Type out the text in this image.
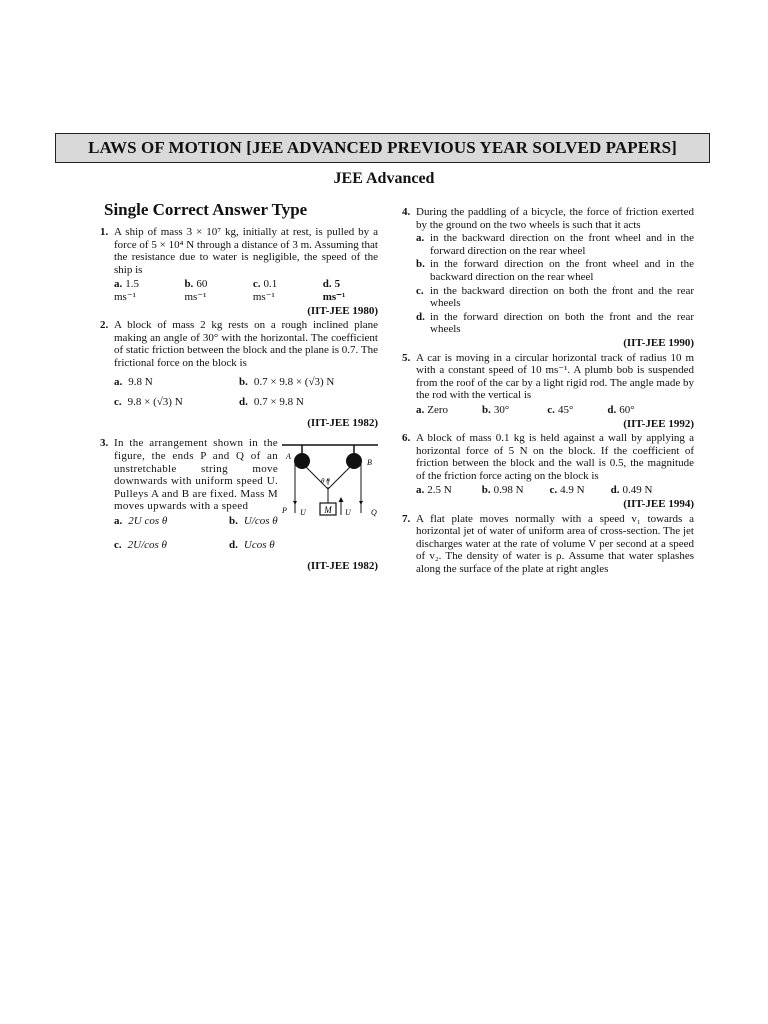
LAWS OF MOTION [JEE ADVANCED PREVIOUS YEAR SOLVED PAPERS]
JEE Advanced
Single Correct Answer Type
1. A ship of mass 3 × 10⁷ kg, initially at rest, is pulled by a force of 5 × 10⁴ N through a distance of 3 m. Assuming that the resistance due to water is negligible, the speed of the ship is
a. 1.5 ms⁻¹
b. 60 ms⁻¹
c. 0.1 ms⁻¹
d. 5 ms⁻¹
(IIT-JEE 1980)
2. A block of mass 2 kg rests on a rough inclined plane making an angle of 30° with the horizontal. The coefficient of static friction between the block and the plane is 0.7. The frictional force on the block is
a. 9.8 N	b. 0.7 × 9.8 × (√3) N
c. 9.8 × (√3) N	d. 0.7 × 9.8 N
(IIT-JEE 1982)
3. In the arrangement shown in the figure, the ends P and Q of an unstretchable string move downwards with uniform speed U. Pulleys A and B are fixed. Mass M moves upwards with a speed
a. 2U cos θ	b. U/cos θ
c. 2U/cos θ	d. Ucos θ
M
A
B
θ θ
P U	U	Q
(IIT-JEE 1982)
4. During the paddling of a bicycle, the force of friction exerted by the ground on the two wheels is such that it acts
a. in the backward direction on the front wheel and in the forward direction on the rear wheel
b. in the forward direction on the front wheel and in the backward direction on the rear wheel
c. in the backward direction on both the front and the rear wheels
d. in the forward direction on both the front and the rear wheels
(IIT-JEE 1990)
5. A car is moving in a circular horizontal track of radius 10 m with a constant speed of 10 ms⁻¹. A plumb bob is suspended from the roof of the car by a light rigid rod. The angle made by the rod with the vertical is
a. Zero	b. 30°	c. 45°	d. 60°
(IIT-JEE 1992)
6. A block of mass 0.1 kg is held against a wall by applying a horizontal force of 5 N on the block. If the coefficient of friction between the block and the wall is 0.5, the magnitude of the friction force acting on the block is
a. 2.5 N	b. 0.98 N	c. 4.9 N	d. 0.49 N
(IIT-JEE 1994)
7. A flat plate moves normally with a speed v₁ towards a horizontal jet of water of uniform area of cross-section. The jet discharges water at the rate of volume V per second at a speed of v₂. The density of water is ρ. Assume that water splashes along the surface of the plate at right angles
